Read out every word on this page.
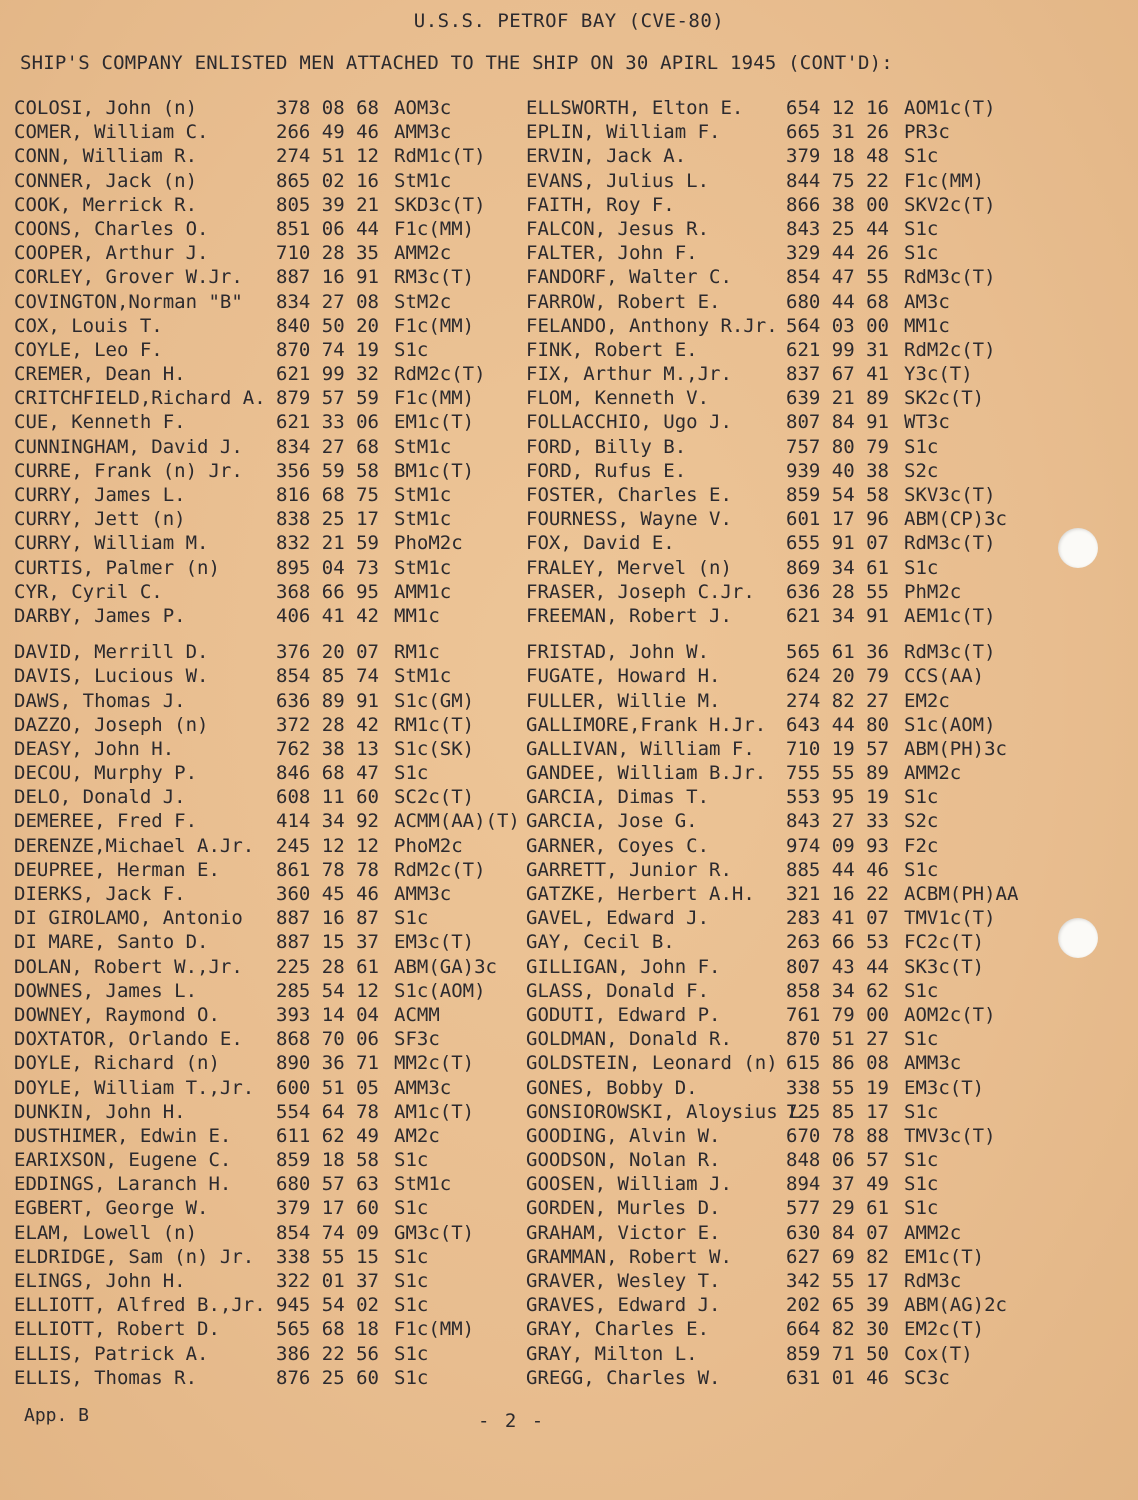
U.S.S. PETROF BAY (CVE-80)
SHIP'S COMPANY ENLISTED MEN ATTACHED TO THE SHIP ON 30 APIRL 1945 (CONT'D):
COLOSI, John (n)	378 08 68 AOM3c
COMER, William C.	266 49 46 AMM3c
CONN, William R.	274 51 12 RdM1c(T)
CONNER, Jack (n)	865 02 16 StM1c
COOK, Merrick R.	805 39 21 SKD3c(T)
COONS, Charles O.	851 06 44 F1c(MM)
COOPER, Arthur J.	710 28 35 AMM2c
CORLEY, Grover W.Jr. 887 16 91 RM3c(T)
COVINGTON,Norman "B" 834 27 08 StM2c
COX, Louis T.	840 50 20 F1c(MM)
COYLE, Leo F.	870 74 19 S1c
CREMER, Dean H.	621 99 32 RdM2c(T)
CRITCHFIELD,Richard A. 879 57 59 F1c(MM)
CUE, Kenneth F.	621 33 06 EM1c(T)
CUNNINGHAM, David J. 834 27 68 StM1c
CURRE, Frank (n) Jr. 356 59 58 BM1c(T)
CURRY, James L.	816 68 75 StM1c
CURRY, Jett (n)	838 25 17 StM1c
CURRY, William M.	832 21 59 PhoM2c
CURTIS, Palmer (n)	895 04 73 StM1c
CYR, Cyril C.	368 66 95 AMM1c
DARBY, James P.	406 41 42 MM1c
DAVID, Merrill D.	376 20 07 RM1c
DAVIS, Lucious W.	854 85 74 StM1c
DAWS, Thomas J.	636 89 91 S1c(GM)
DAZZO, Joseph (n)	372 28 42 RM1c(T)
DEASY, John H.	762 38 13 S1c(SK)
DECOU, Murphy P.	846 68 47 S1c
DELO, Donald J.	608 11 60 SC2c(T)
DEMEREE, Fred F.	414 34 92 ACMM(AA)(T)
DERENZE,Michael A.Jr. 245 12 12 PhoM2c
DEUPREE, Herman E.	861 78 78 RdM2c(T)
DIERKS, Jack F.	360 45 46 AMM3c
DI GIROLAMO, Antonio 887 16 87 S1c
DI MARE, Santo D.	887 15 37 EM3c(T)
DOLAN, Robert W.,Jr. 225 28 61 ABM(GA)3c
DOWNES, James L.	285 54 12 S1c(AOM)
DOWNEY, Raymond O.	393 14 04 ACMM
DOXTATOR, Orlando E. 868 70 06 SF3c
DOYLE, Richard (n)	890 36 71 MM2c(T)
DOYLE, William T.,Jr. 600 51 05 AMM3c
DUNKIN, John H.	554 64 78 AM1c(T)
DUSTHIMER, Edwin E. 611 62 49 AM2c
EARIXSON, Eugene C. 859 18 58 S1c
EDDINGS, Laranch H. 680 57 63 StM1c
EGBERT, George W.	379 17 60 S1c
ELAM, Lowell (n)	854 74 09 GM3c(T)
ELDRIDGE, Sam (n) Jr. 338 55 15 S1c
ELINGS, John H.	322 01 37 S1c
ELLIOTT, Alfred B.,Jr. 945 54 02 S1c
ELLIOTT, Robert D.	565 68 18 F1c(MM)
ELLIS, Patrick A.	386 22 56 S1c
ELLIS, Thomas R.	876 25 60 S1c
ELLSWORTH, Elton E. 654 12 16 AOM1c(T)
EPLIN, William F.	665 31 26 PR3c
ERVIN, Jack A.	379 18 48 S1c
EVANS, Julius L.	844 75 22 F1c(MM)
FAITH, Roy F.	866 38 00 SKV2c(T)
FALCON, Jesus R.	843 25 44 S1c
FALTER, John F.	329 44 26 S1c
FANDORF, Walter C.	854 47 55 RdM3c(T)
FARROW, Robert E.	680 44 68 AM3c
FELANDO, Anthony R.Jr. 564 03 00 MM1c
FINK, Robert E.	621 99 31 RdM2c(T)
FIX, Arthur M.,Jr.	837 67 41 Y3c(T)
FLOM, Kenneth V.	639 21 89 SK2c(T)
FOLLACCHIO, Ugo J.	807 84 91 WT3c
FORD, Billy B.	757 80 79 S1c
FORD, Rufus E.	939 40 38 S2c
FOSTER, Charles E.	859 54 58 SKV3c(T)
FOURNESS, Wayne V.	601 17 96 ABM(CP)3c
FOX, David E.	655 91 07 RdM3c(T)
FRALEY, Mervel (n)	869 34 61 S1c
FRASER, Joseph C.Jr. 636 28 55 PhM2c
FREEMAN, Robert J.	621 34 91 AEM1c(T)
FRISTAD, John W.	565 61 36 RdM3c(T)
FUGATE, Howard H.	624 20 79 CCS(AA)
FULLER, Willie M.	274 82 27 EM2c
GALLIMORE,Frank H.Jr. 643 44 80 S1c(AOM)
GALLIVAN, William F. 710 19 57 ABM(PH)3c
GANDEE, William B.Jr. 755 55 89 AMM2c
GARCIA, Dimas T.	553 95 19 S1c
GARCIA, Jose G.	843 27 33 S2c
GARNER, Coyes C.	974 09 93 F2c
GARRETT, Junior R.	885 44 46 S1c
GATZKE, Herbert A.H. 321 16 22 ACBM(PH)AA
GAVEL, Edward J.	283 41 07 TMV1c(T)
GAY, Cecil B.	263 66 53 FC2c(T)
GILLIGAN, John F.	807 43 44 SK3c(T)
GLASS, Donald F.	858 34 62 S1c
GODUTI, Edward P.	761 79 00 AOM2c(T)
GOLDMAN, Donald R.	870 51 27 S1c
GOLDSTEIN, Leonard (n) 615 86 08 AMM3c
GONES, Bobby D.	338 55 19 EM3c(T)
GONSIOROWSKI, Aloysius L.725 85 17 S1c
GOODING, Alvin W.	670 78 88 TMV3c(T)
GOODSON, Nolan R.	848 06 57 S1c
GOOSEN, William J.	894 37 49 S1c
GORDEN, Murles D.	577 29 61 S1c
GRAHAM, Victor E.	630 84 07 AMM2c
GRAMMAN, Robert W.	627 69 82 EM1c(T)
GRAVER, Wesley T.	342 55 17 RdM3c
GRAVES, Edward J.	202 65 39 ABM(AG)2c
GRAY, Charles E.	664 82 30 EM2c(T)
GRAY, Milton L.	859 71 50 Cox(T)
GREGG, Charles W.	631 01 46 SC3c
App. B	- 2 -
